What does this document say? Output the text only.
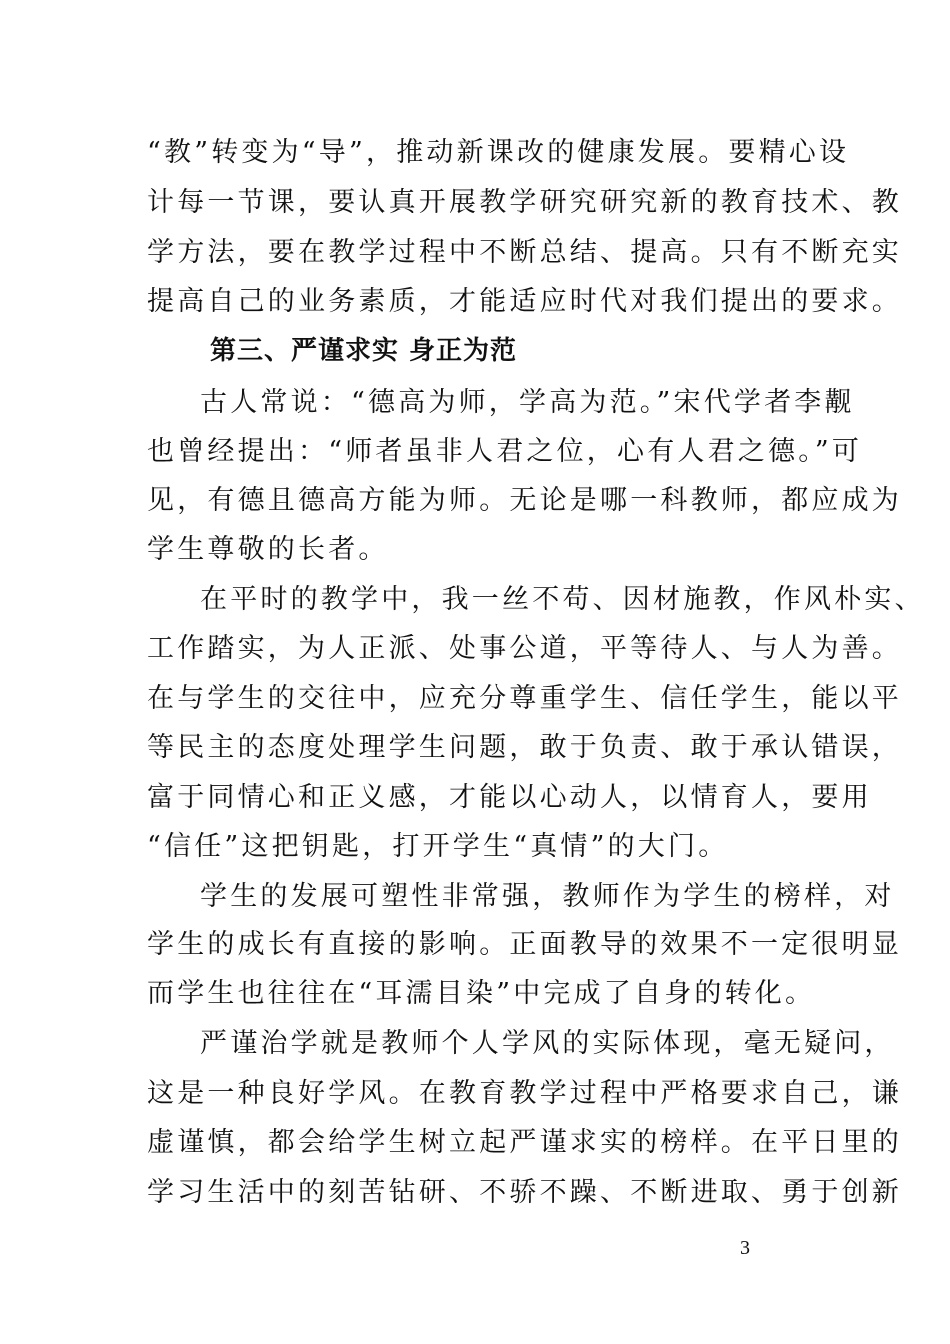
“教”转变为“导”，推动新课改的健康发展。要精心设
计每一节课，要认真开展教学研究研究新的教育技术、教
学方法，要在教学过程中不断总结、提高。只有不断充实
提高自己的业务素质，才能适应时代对我们提出的要求。
第三、严谨求实 身正为范
古人常说：“德高为师，学高为范。”宋代学者李觏
也曾经提出：“师者虽非人君之位，心有人君之德。”可
见，有德且德高方能为师。无论是哪一科教师，都应成为
学生尊敬的长者。
在平时的教学中，我一丝不苟、因材施教，作风朴实、
工作踏实，为人正派、处事公道，平等待人、与人为善。
在与学生的交往中，应充分尊重学生、信任学生，能以平
等民主的态度处理学生问题，敢于负责、敢于承认错误，
富于同情心和正义感，才能以心动人，以情育人，要用
“信任”这把钥匙，打开学生“真情”的大门。
学生的发展可塑性非常强，教师作为学生的榜样，对
学生的成长有直接的影响。正面教导的效果不一定很明显
而学生也往往在“耳濡目染”中完成了自身的转化。
严谨治学就是教师个人学风的实际体现，毫无疑问，
这是一种良好学风。在教育教学过程中严格要求自己，谦
虚谨慎，都会给学生树立起严谨求实的榜样。在平日里的
学习生活中的刻苦钻研、不骄不躁、不断进取、勇于创新
3
